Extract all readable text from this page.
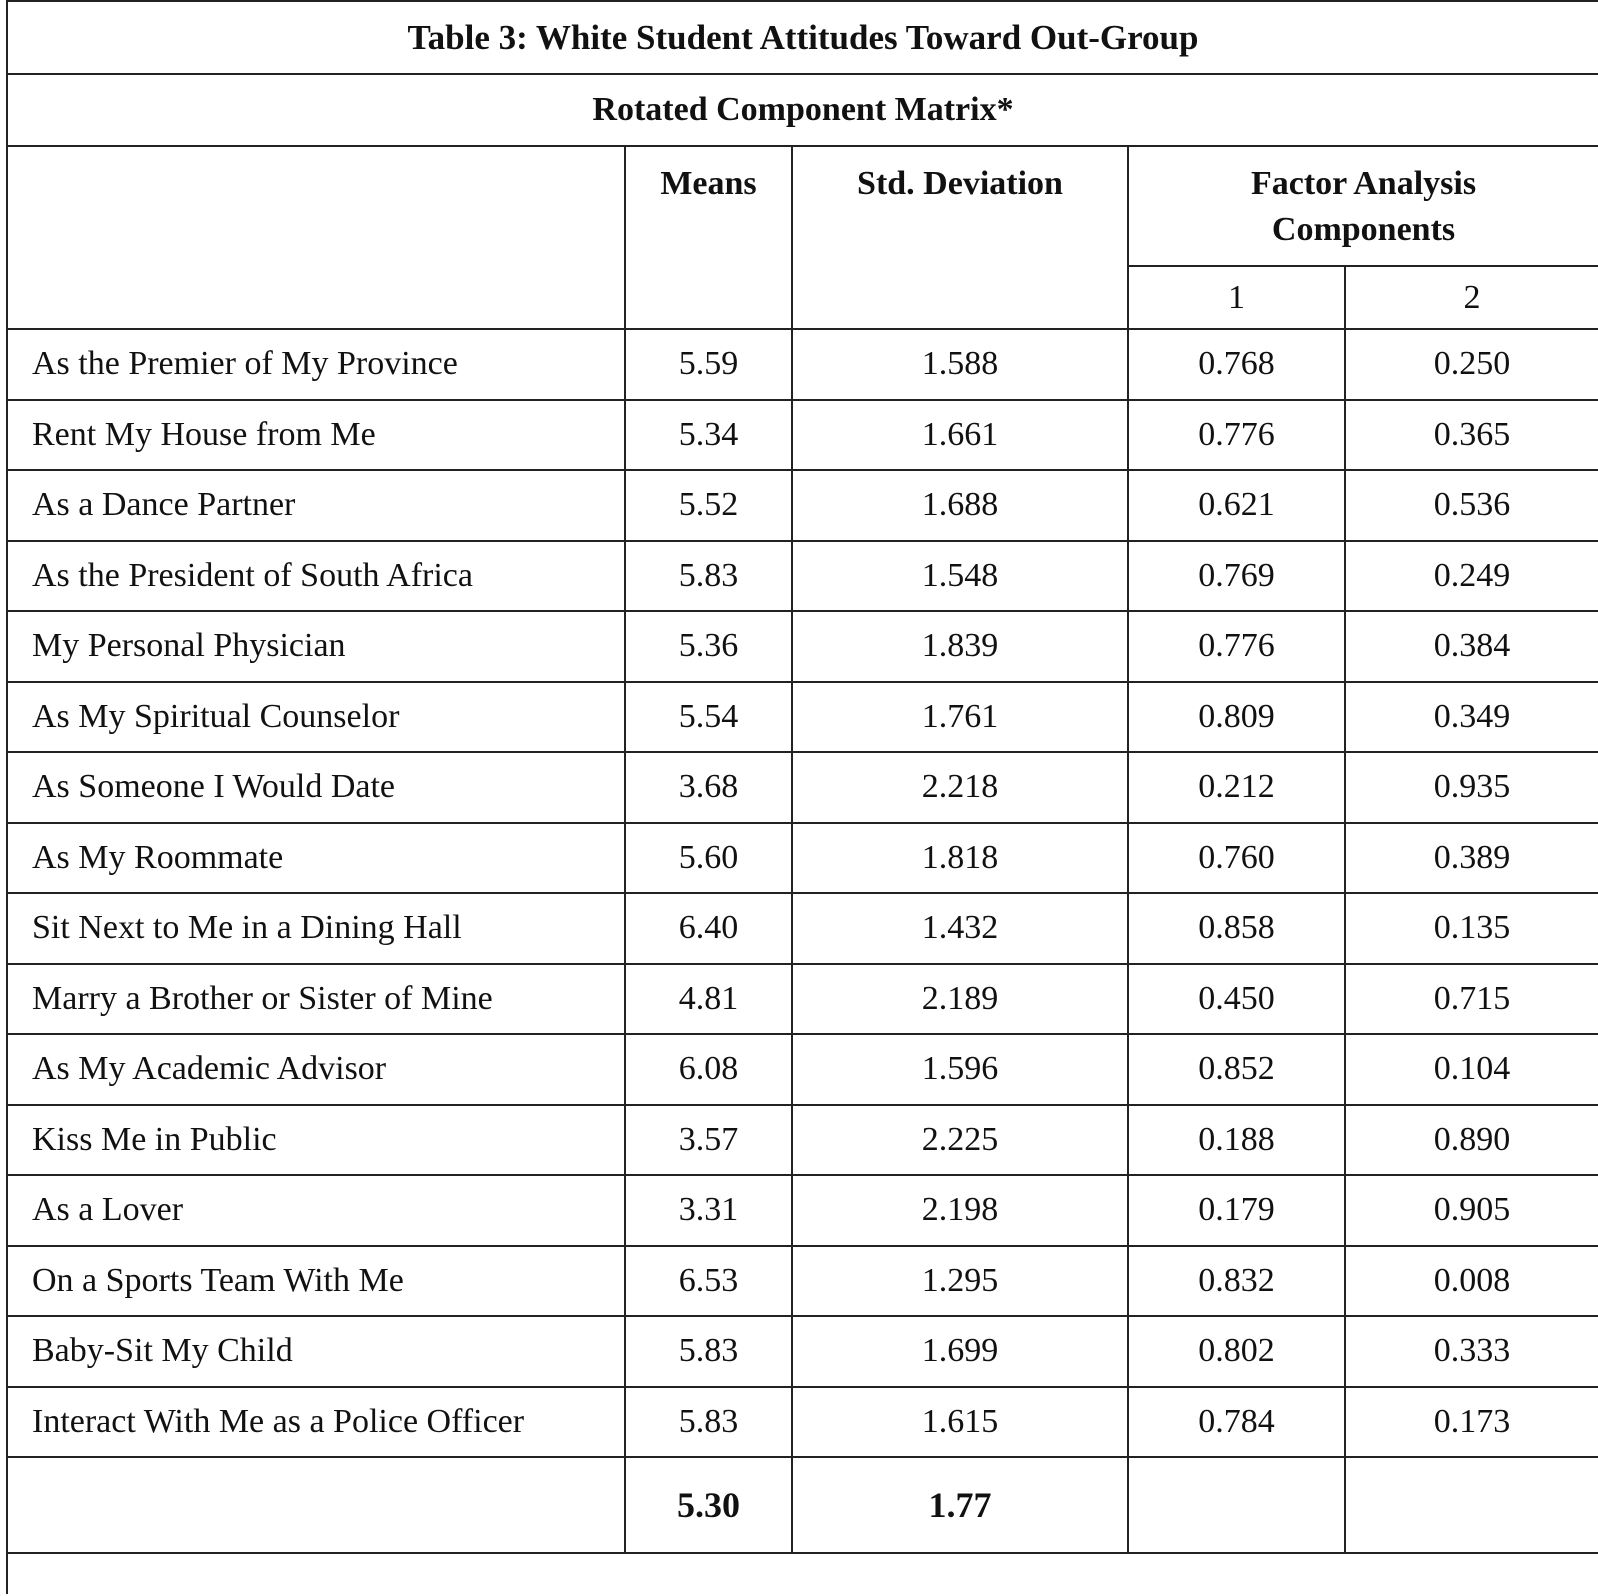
Table 3: White Student Attitudes Toward Out-Group				
Rotated Component Matrix*				
	Means	Std. Deviation	Factor Analysis
Components	

			1	2
As the Premier of My Province	5.59	1.588	0.768	0.250
Rent My House from Me	5.34	1.661	0.776	0.365
As a Dance Partner	5.52	1.688	0.621	0.536
As the President of South Africa	5.83	1.548	0.769	0.249
My Personal Physician	5.36	1.839	0.776	0.384
As My Spiritual Counselor	5.54	1.761	0.809	0.349
As Someone I Would Date	3.68	2.218	0.212	0.935
As My Roommate	5.60	1.818	0.760	0.389
Sit Next to Me in a Dining Hall	6.40	1.432	0.858	0.135
Marry a Brother or Sister of Mine	4.81	2.189	0.450	0.715
As My Academic Advisor	6.08	1.596	0.852	0.104
Kiss Me in Public	3.57	2.225	0.188	0.890
As a Lover	3.31	2.198	0.179	0.905
On a Sports Team With Me	6.53	1.295	0.832	0.008
Baby-Sit My Child	5.83	1.699	0.802	0.333
Interact With Me as a Police Officer	5.83	1.615	0.784	0.173
	5.30	1.77		
